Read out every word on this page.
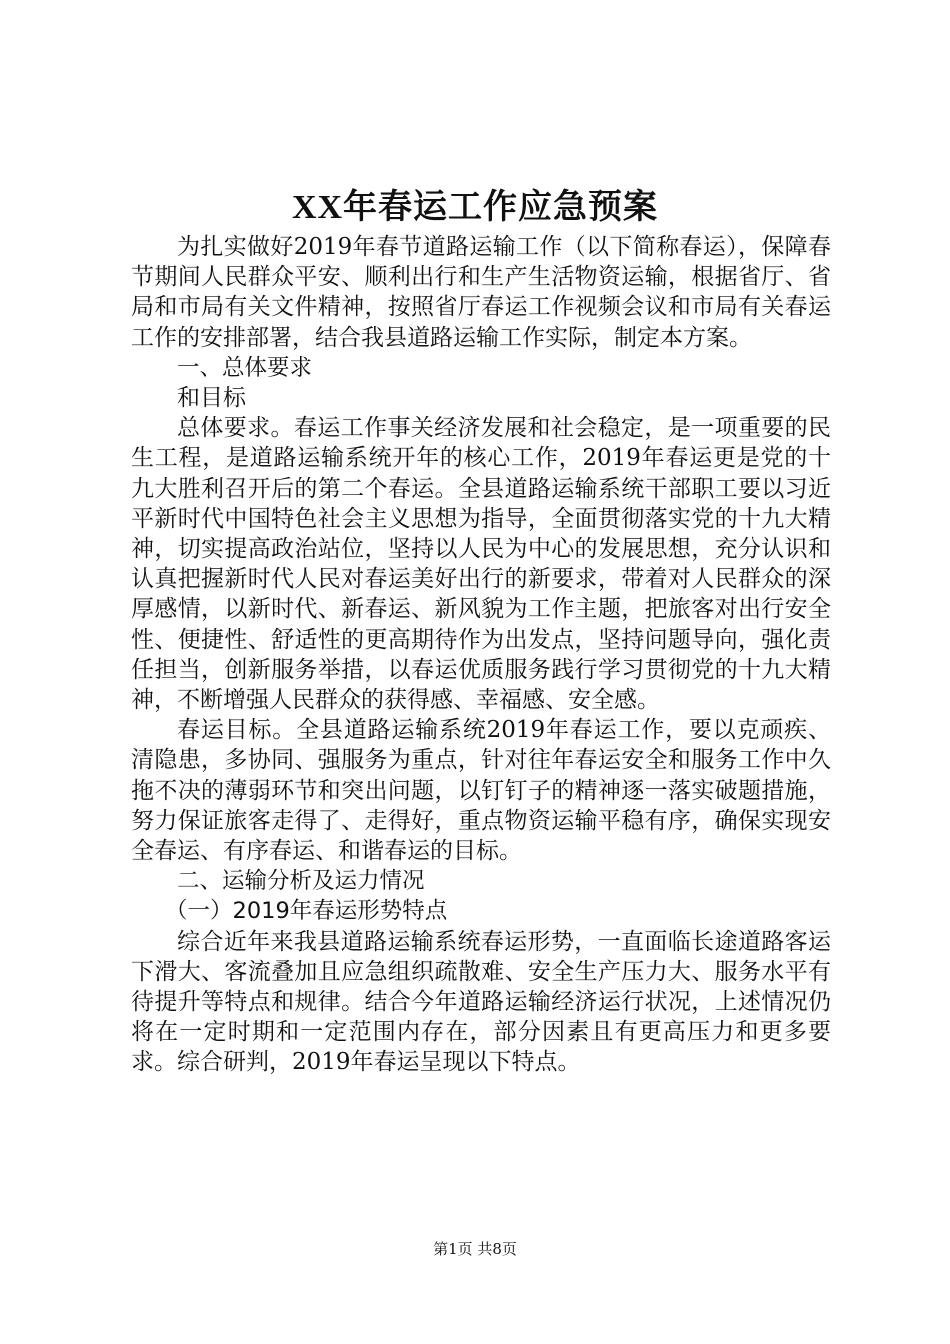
XX年春运工作应急预案

为扎实做好2019年春节道路运输工作（以下简称春运），保障春节期间人民群众平安、顺利出行和生产生活物资运输，根据省厅、省局和市局有关文件精神，按照省厅春运工作视频会议和市局有关春运工作的安排部署，结合我县道路运输工作实际，制定本方案。

一、总体要求

和目标

总体要求。春运工作事关经济发展和社会稳定，是一项重要的民生工程，是道路运输系统开年的核心工作，2019年春运更是党的十九大胜利召开后的第二个春运。全县道路运输系统干部职工要以习近平新时代中国特色社会主义思想为指导，全面贯彻落实党的十九大精神，切实提高政治站位，坚持以人民为中心的发展思想，充分认识和认真把握新时代人民对春运美好出行的新要求，带着对人民群众的深厚感情，以新时代、新春运、新风貌为工作主题，把旅客对出行安全性、便捷性、舒适性的更高期待作为出发点，坚持问题导向，强化责任担当，创新服务举措，以春运优质服务践行学习贯彻党的十九大精神，不断增强人民群众的获得感、幸福感、安全感。

春运目标。全县道路运输系统2019年春运工作，要以克顽疾、清隐患，多协同、强服务为重点，针对往年春运安全和服务工作中久拖不决的薄弱环节和突出问题，以钉钉子的精神逐一落实破题措施，努力保证旅客走得了、走得好，重点物资运输平稳有序，确保实现安全春运、有序春运、和谐春运的目标。

二、运输分析及运力情况

（一）2019年春运形势特点

综合近年来我县道路运输系统春运形势，一直面临长途道路客运下滑大、客流叠加且应急组织疏散难、安全生产压力大、服务水平有待提升等特点和规律。结合今年道路运输经济运行状况，上述情况仍将在一定时期和一定范围内存在，部分因素且有更高压力和更多要求。综合研判，2019年春运呈现以下特点。

第1页 共8页
